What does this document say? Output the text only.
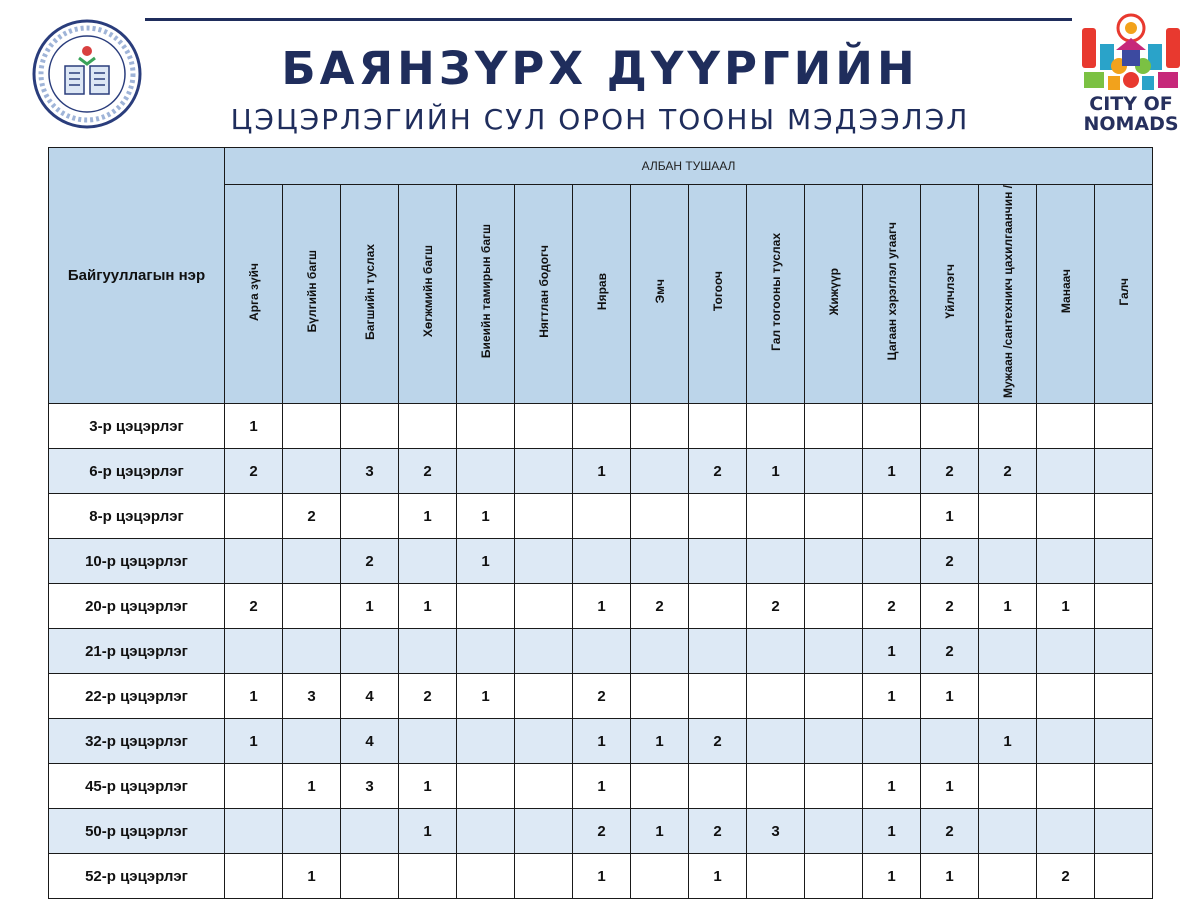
CITY OF
NOMADS
БАЯНЗҮРХ ДҮҮРГИЙН
ЦЭЦЭРЛЭГИЙН СУЛ ОРОН ТООНЫ МЭДЭЭЛЭЛ
Байгууллагын нэр	АЛБАН ТУШААЛ															
	Арга зүйч	Бүлгийн багш	Багшийн туслах	Хөгжмийн багш	Биеийн тамирын багш	Нягтлан бодогч	Нярав	Эмч	Тогооч	Гал тогооны туслах	Жижүүр	Цагаан хэрэглэл угаагч	Үйлчлэгч	Мужаан /сантехникч цахилгаанчин /	Манаач	Галч
3-р цэцэрлэг	1															
6-р цэцэрлэг	2		3	2			1		2	1		1	2	2		
8-р цэцэрлэг		2		1	1								1			
10-р цэцэрлэг			2		1								2			
20-р цэцэрлэг	2		1	1			1	2		2		2	2	1	1	
21-р цэцэрлэг												1	2			
22-р цэцэрлэг	1	3	4	2	1		2					1	1			
32-р цэцэрлэг	1		4				1	1	2					1		
45-р цэцэрлэг		1	3	1			1					1	1			
50-р цэцэрлэг				1			2	1	2	3		1	2			
52-р цэцэрлэг		1					1		1			1	1		2	
